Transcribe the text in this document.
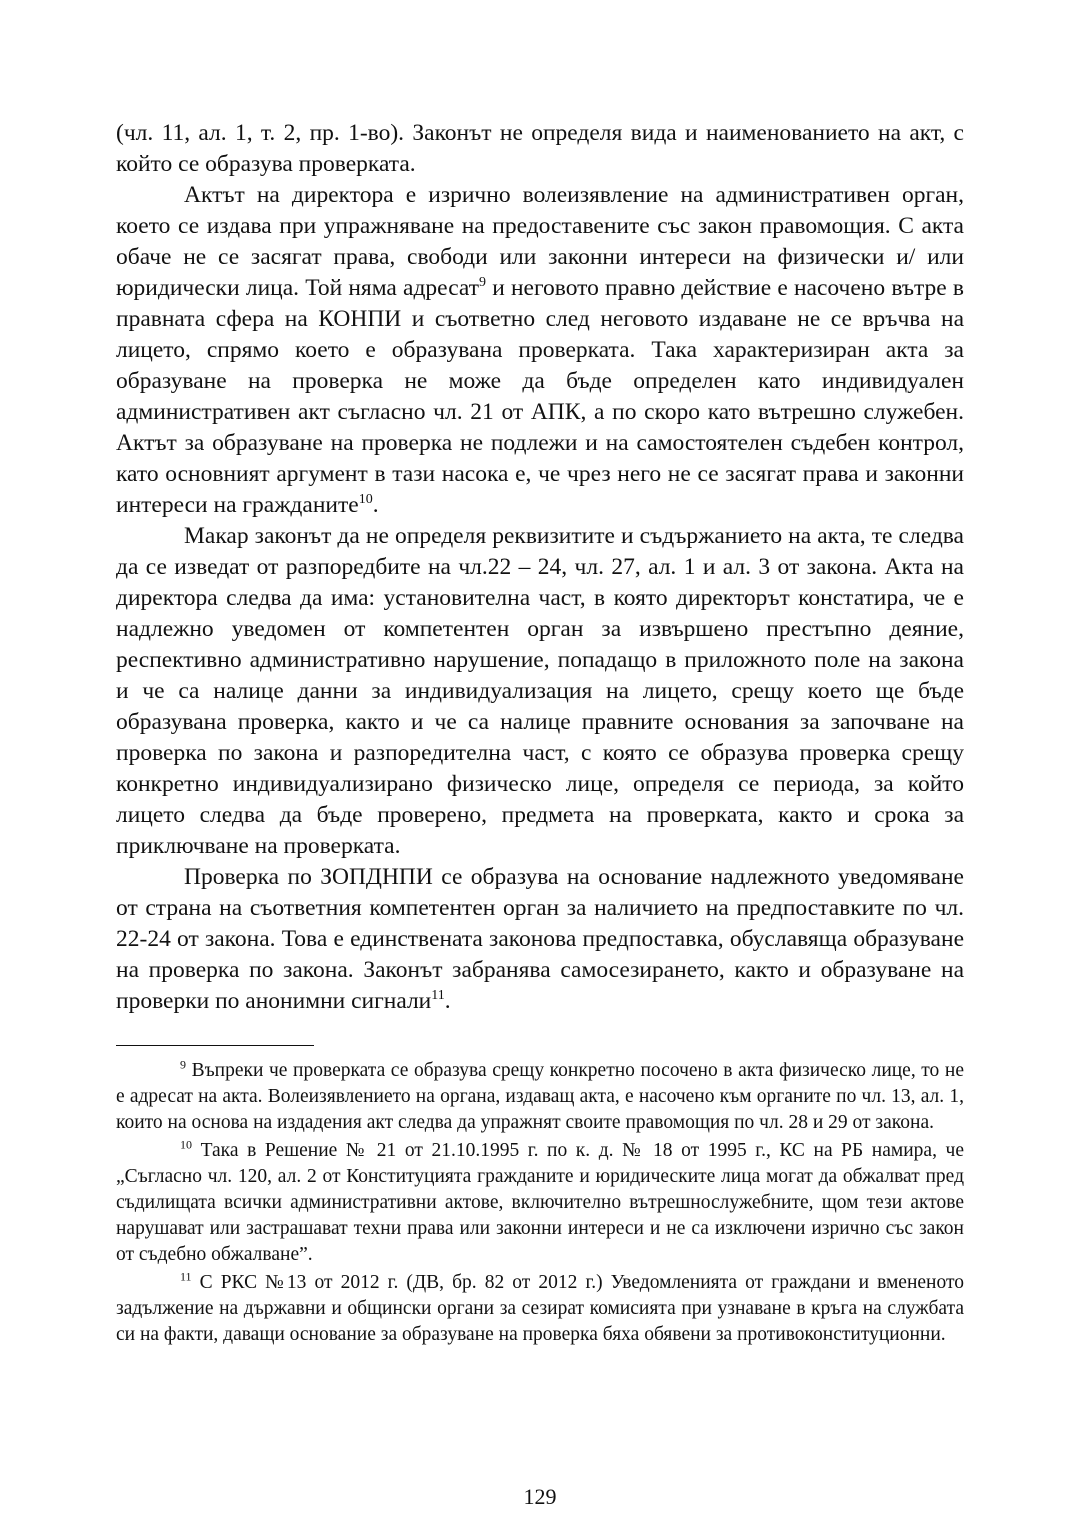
(чл. 11, ал. 1, т. 2, пр. 1-во). Законът не определя вида и наименованието на акт, с който се образува проверката.

Актът на директора е изрично волеизявление на административен орган, което се издава при упражняване на предоставените със закон правомощия. С акта обаче не се засягат права, свободи или законни интереси на физически и/ или юридически лица. Той няма адресат$^9$ и неговото правно действие е насочено вътре в правната сфера на КОНПИ и съответно след неговото издаване не се връчва на лицето, спрямо което е образувана проверката. Така характеризиран акта за образуване на проверка не може да бъде определен като индивидуален административен акт съгласно чл. 21 от АПК, а по скоро като вътрешно служебен. Актът за образуване на проверка не подлежи и на самостоятелен съдебен контрол, като основният аргумент в тази насока е, че чрез него не се засягат права и законни интереси на гражданите$^{10}$.

Макар законът да не определя реквизитите и съдържанието на акта, те следва да се изведат от разпоредбите на чл.22 – 24, чл. 27, ал. 1 и ал. 3 от закона. Акта на директора следва да има: установителна част, в която директорът констатира, че е надлежно уведомен от компетентен орган за извършено престъпно деяние, респективно административно нарушение, попадащо в приложното поле на закона и че са налице данни за индивидуализация на лицето, срещу което ще бъде образувана проверка, както и че са налице правните основания за започване на проверка по закона и разпоредителна част, с която се образува проверка срещу конкретно индивидуализирано физическо лице, определя се периода, за който лицето следва да бъде проверено, предмета на проверката, както и срока за приключване на проверката.

Проверка по ЗОПДНПИ се образува на основание надлежното уведомяване от страна на съответния компетентен орган за наличието на предпоставките по чл. 22-24 от закона. Това е единствената законова предпоставка, обуславяща образуване на проверка по закона. Законът забранява самосезирането, както и образуване на проверки по анонимни сигнали$^{11}$.

$^9$ Въпреки че проверката се образува срещу конкретно посочено в акта физическо лице, то не е адресат на акта. Волеизявлението на органа, издаващ акта, е насочено към органите по чл. 13, ал. 1, които на основа на издадения акт следва да упражнят своите правомощия по чл. 28 и 29 от закона.

$^{10}$ Така в Решение № 21 от 21.10.1995 г. по к. д. № 18 от 1995 г., КС на РБ намира, че „Съгласно чл. 120, ал. 2 от Конституцията гражданите и юридическите лица могат да обжалват пред съдилищата всички административни актове, включително вътрешнослужебните, щом тези актове нарушават или застрашават техни права или законни интереси и не са изключени изрично със закон от съдебно обжалване”.

$^{11}$ С РКС №13 от 2012 г. (ДВ, бр. 82 от 2012 г.) Уведомленията от граждани и вмененото задължение на държавни и общински органи за сезират комисията при узнаване в кръга на службата си на факти, даващи основание за образуване на проверка бяха обявени за противоконституционни.

129
